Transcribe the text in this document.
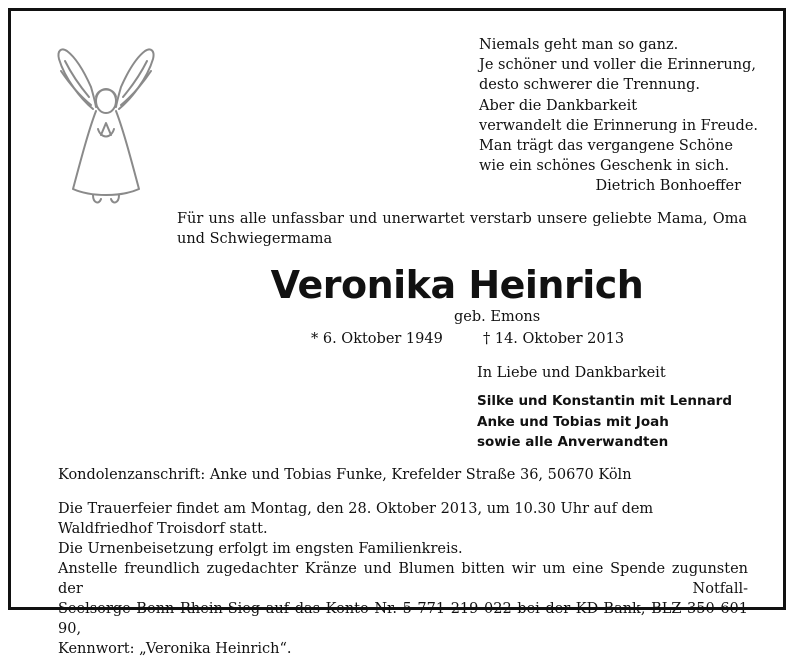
Niemals geht man so ganz.
Je schöner und voller die Erinnerung,
desto schwerer die Trennung.
Aber die Dankbarkeit
verwandelt die Erinnerung in Freude.
Man trägt das vergangene Schöne
wie ein schönes Geschenk in sich.
Dietrich Bonhoeffer
Für uns alle unfassbar und unerwartet verstarb unsere geliebte Mama, Oma und Schwiegermama
Veronika Heinrich
geb. Emons
* 6. Oktober 1949	† 14. Oktober 2013
In Liebe und Dankbarkeit
Silke und Konstantin mit Lennard
Anke und Tobias mit Joah
sowie alle Anverwandten
Kondolenzanschrift: Anke und Tobias Funke, Krefelder Straße 36, 50670 Köln
Die Trauerfeier findet am Montag, den 28. Oktober 2013, um 10.30 Uhr auf dem Waldfriedhof Troisdorf statt.
Die Urnenbeisetzung erfolgt im engsten Familienkreis.
Anstelle freundlich zugedachter Kränze und Blumen bitten wir um eine Spende zugunsten der Notfall-
Seelsorge Bonn Rhein-Sieg auf das Konto Nr. 5 771 219 022 bei der KD-Bank, BLZ 350 601 90,
Kennwort: „Veronika Heinrich“.
